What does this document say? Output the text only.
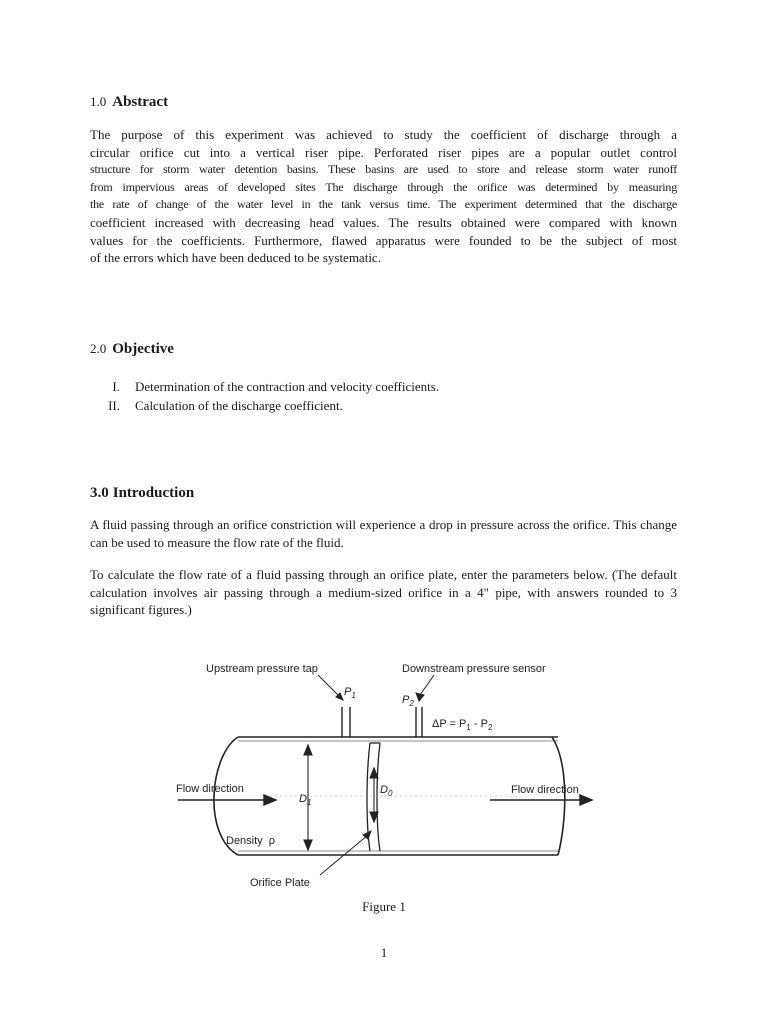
1.0 Abstract
The purpose of this experiment was achieved to study the coefficient of discharge through a
circular orifice cut into a vertical riser pipe. Perforated riser pipes are a popular outlet control
structure for storm water detention basins. These basins are used to store and release storm water runoff
from impervious areas of developed sites The discharge through the orifice was determined by measuring
the rate of change of the water level in the tank versus time. The experiment determined that the discharge
coefficient increased with decreasing head values. The results obtained were compared with known
values for the coefficients. Furthermore, flawed apparatus were founded to be the subject of most
of the errors which have been deduced to be systematic.
2.0 Objective
I. Determination of the contraction and velocity coefficients.
II. Calculation of the discharge coefficient.
3.0 Introduction
A fluid passing through an orifice constriction will experience a drop in pressure across the orifice. This change can be used to measure the flow rate of the fluid.
To calculate the flow rate of a fluid passing through an orifice plate, enter the parameters below. (The default calculation involves air passing through a medium-sized orifice in a 4" pipe, with answers rounded to 3 significant figures.)
Upstream pressure tap	Downstream pressure sensor
$P_1$	$P_2$
$\Delta P = P_1 - P_2$
Flow direction	Flow direction
$D_1$
$D_0$
Density ρ
Orifice Plate
Figure 1
1
